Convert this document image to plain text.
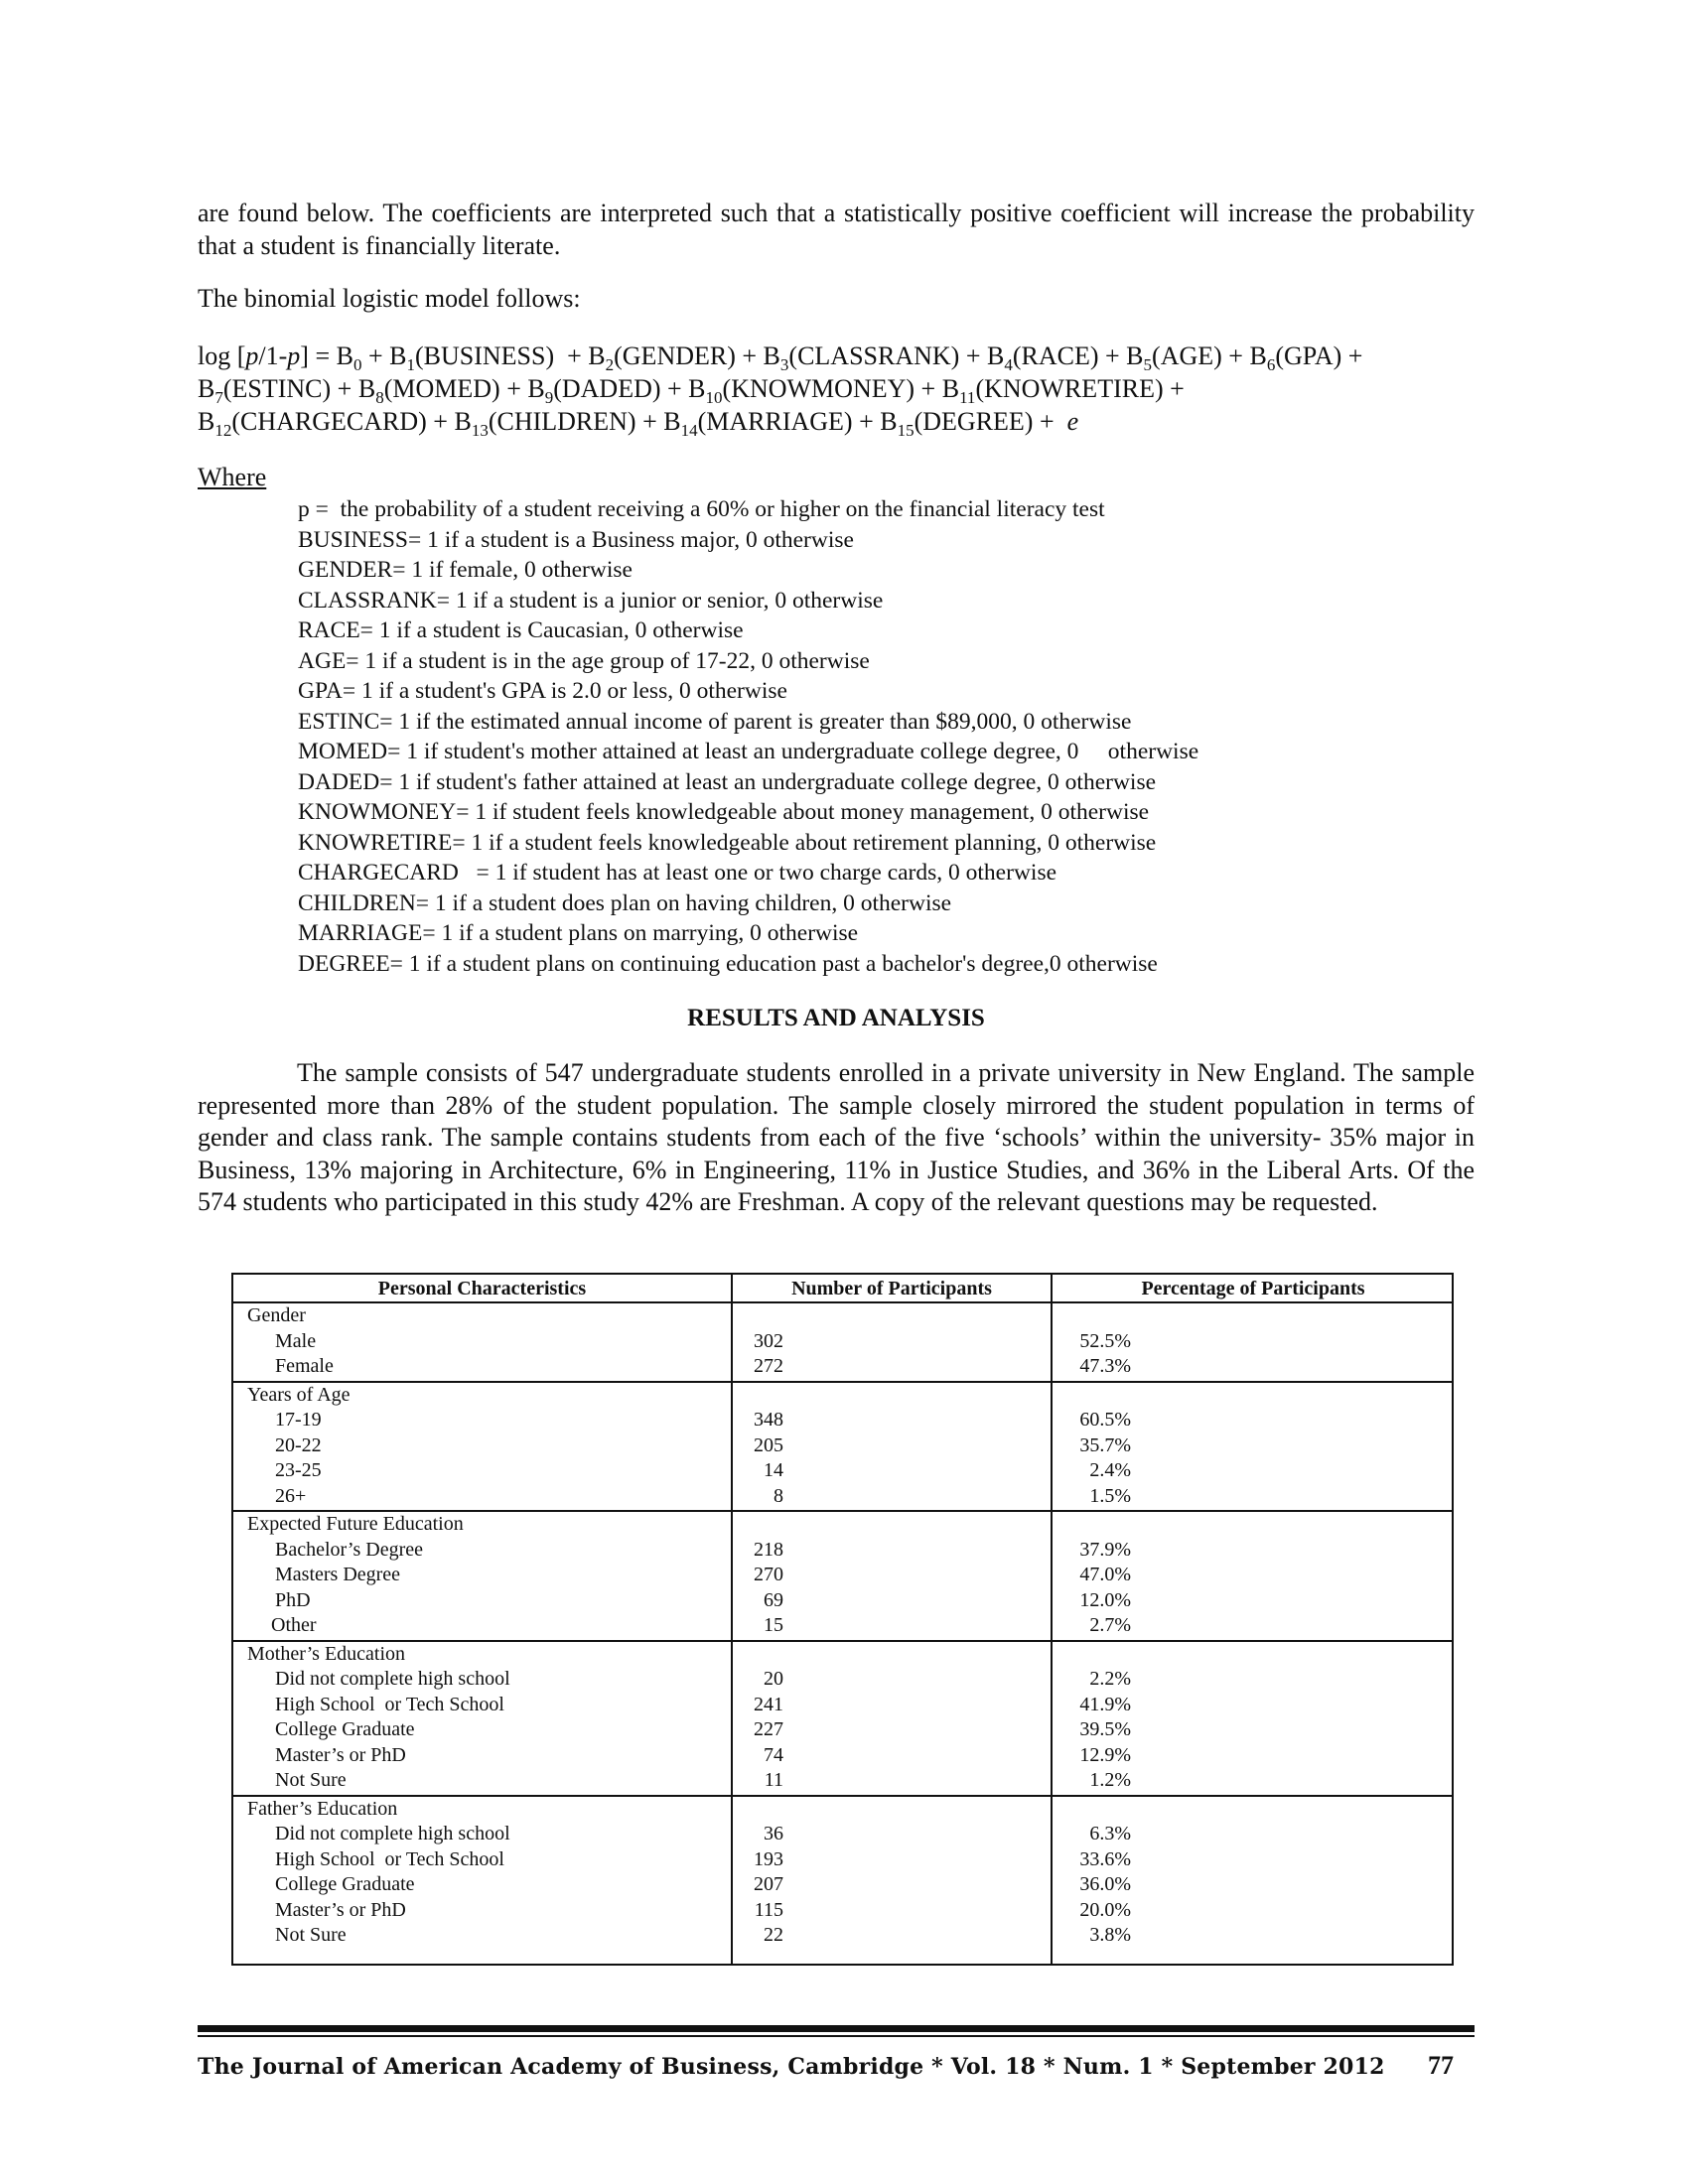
are found below. The coefficients are interpreted such that a statistically positive coefficient will increase the probability that a student is financially literate.
The binomial logistic model follows:
$\log [p/1-p] = B_0$ + $B_1(BUSINESS)$  + $B_2(GENDER)$ + $B_3(CLASSRANK)$ + $B_4(RACE) + B_5(AGE) + B_6(GPA)$ +
$B_7(ESTINC)$ + $B_8(MOMED)$ + $B_9(DADED)$ + $B_{10}(KNOWMONEY)$ + $B_{11}(KNOWRETIRE)$ +
$B_{12}(CHARGECARD)$ + $B_{13}(CHILDREN)$ + $B_{14}(MARRIAGE)$ + $B_{15}(DEGREE) + e$
Where
p =  the probability of a student receiving a 60% or higher on the financial literacy test
BUSINESS= 1 if a student is a Business major, 0 otherwise
GENDER= 1 if female, 0 otherwise
CLASSRANK= 1 if a student is a junior or senior, 0 otherwise
RACE= 1 if a student is Caucasian, 0 otherwise
AGE= 1 if a student is in the age group of 17-22, 0 otherwise
GPA= 1 if a student's GPA is 2.0 or less, 0 otherwise
ESTINC= 1 if the estimated annual income of parent is greater than $89,000, 0 otherwise
MOMED= 1 if student's mother attained at least an undergraduate college degree, 0     otherwise
DADED= 1 if student's father attained at least an undergraduate college degree, 0 otherwise
KNOWMONEY= 1 if student feels knowledgeable about money management, 0 otherwise
KNOWRETIRE= 1 if a student feels knowledgeable about retirement planning, 0 otherwise
CHARGECARD   = 1 if student has at least one or two charge cards, 0 otherwise
CHILDREN= 1 if a student does plan on having children, 0 otherwise
MARRIAGE= 1 if a student plans on marrying, 0 otherwise
DEGREE= 1 if a student plans on continuing education past a bachelor's degree,0 otherwise
RESULTS AND ANALYSIS
The sample consists of 547 undergraduate students enrolled in a private university in New England. The sample represented more than 28% of the student population. The sample closely mirrored the student population in terms of gender and class rank. The sample contains students from each of the five ‘schools’ within the university- 35% major in Business, 13% majoring in Architecture, 6% in Engineering, 11% in Justice Studies, and 36% in the Liberal Arts. Of the 574 students who participated in this study 42% are Freshman. A copy of the relevant questions may be requested.
Personal Characteristics	Number of Participants	Percentage of Participants
Gender
Male	302	52.5%
Female	272	47.3%
Years of Age
17-19	348	60.5%
20-22	205	35.7%
23-25	14	2.4%
26+	8	1.5%
Expected Future Education
Bachelor’s Degree	218	37.9%
Masters Degree	270	47.0%
PhD	69	12.0%
Other	15	2.7%
Mother’s Education
Did not complete high school	20	2.2%
High School  or Tech School	241	41.9%
College Graduate	227	39.5%
Master’s or PhD	74	12.9%
Not Sure	11	1.2%
Father’s Education
Did not complete high school	36	6.3%
High School  or Tech School	193	33.6%
College Graduate	207	36.0%
Master’s or PhD	115	20.0%
Not Sure	22	3.8%
The Journal of American Academy of Business, Cambridge * Vol. 18 * Num. 1 * September 2012 77
